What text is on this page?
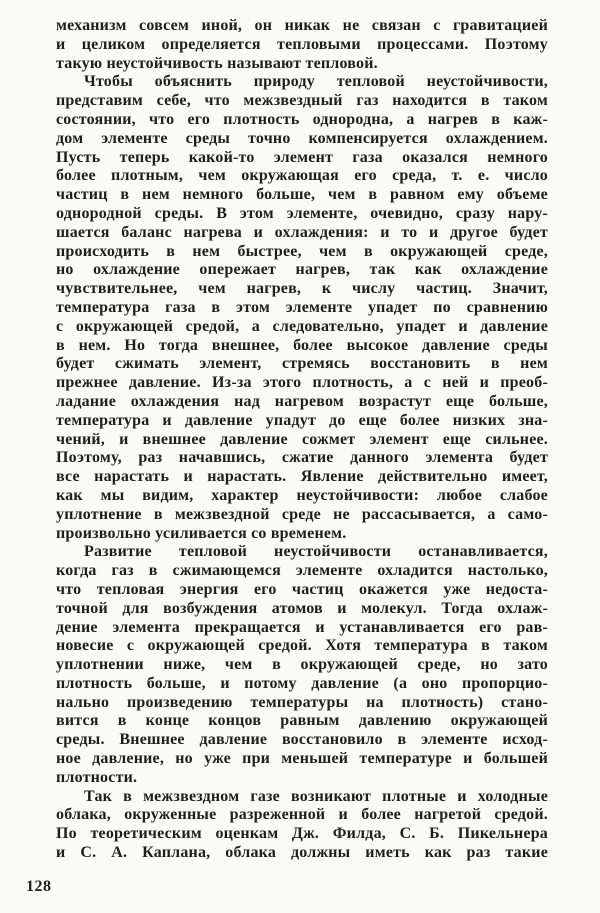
механизм совсем иной, он никак не связан с гравитацией
и целиком определяется тепловыми процессами. Поэтому
такую неустойчивость называют тепловой.
Чтобы объяснить природу тепловой неустойчивости,
представим себе, что межзвездный газ находится в таком
состоянии, что его плотность однородна, а нагрев в каж-
дом элементе среды точно компенсируется охлаждением.
Пусть теперь какой-то элемент газа оказался немного
более плотным, чем окружающая его среда, т. е. число
частиц в нем немного больше, чем в равном ему объеме
однородной среды. В этом элементе, очевидно, сразу нару-
шается баланс нагрева и охлаждения: и то и другое будет
происходить в нем быстрее, чем в окружающей среде,
но охлаждение опережает нагрев, так как охлаждение
чувствительнее, чем нагрев, к числу частиц. Значит,
температура газа в этом элементе упадет по сравнению
с окружающей средой, а следовательно, упадет и давление
в нем. Но тогда внешнее, более высокое давление среды
будет сжимать элемент, стремясь восстановить в нем
прежнее давление. Из-за этого плотность, а с ней и преоб-
ладание охлаждения над нагревом возрастут еще больше,
температура и давление упадут до еще более низких зна-
чений, и внешнее давление сожмет элемент еще сильнее.
Поэтому, раз начавшись, сжатие данного элемента будет
все нарастать и нарастать. Явление действительно имеет,
как мы видим, характер неустойчивости: любое слабое
уплотнение в межзвездной среде не рассасывается, а само-
произвольно усиливается со временем.
Развитие тепловой неустойчивости останавливается,
когда газ в сжимающемся элементе охладится настолько,
что тепловая энергия его частиц окажется уже недоста-
точной для возбуждения атомов и молекул. Тогда охлаж-
дение элемента прекращается и устанавливается его рав-
новесие с окружающей средой. Хотя температура в таком
уплотнении ниже, чем в окружающей среде, но зато
плотность больше, и потому давление (а оно пропорцио-
нально произведению температуры на плотность) стано-
вится в конце концов равным давлению окружающей
среды. Внешнее давление восстановило в элементе исход-
ное давление, но уже при меньшей температуре и большей
плотности.
Так в межзвездном газе возникают плотные и холодные
облака, окруженные разреженной и более нагретой средой.
По теоретическим оценкам Дж. Филда, С. Б. Пикельнера
и С. А. Каплана, облака должны иметь как раз такие
128
